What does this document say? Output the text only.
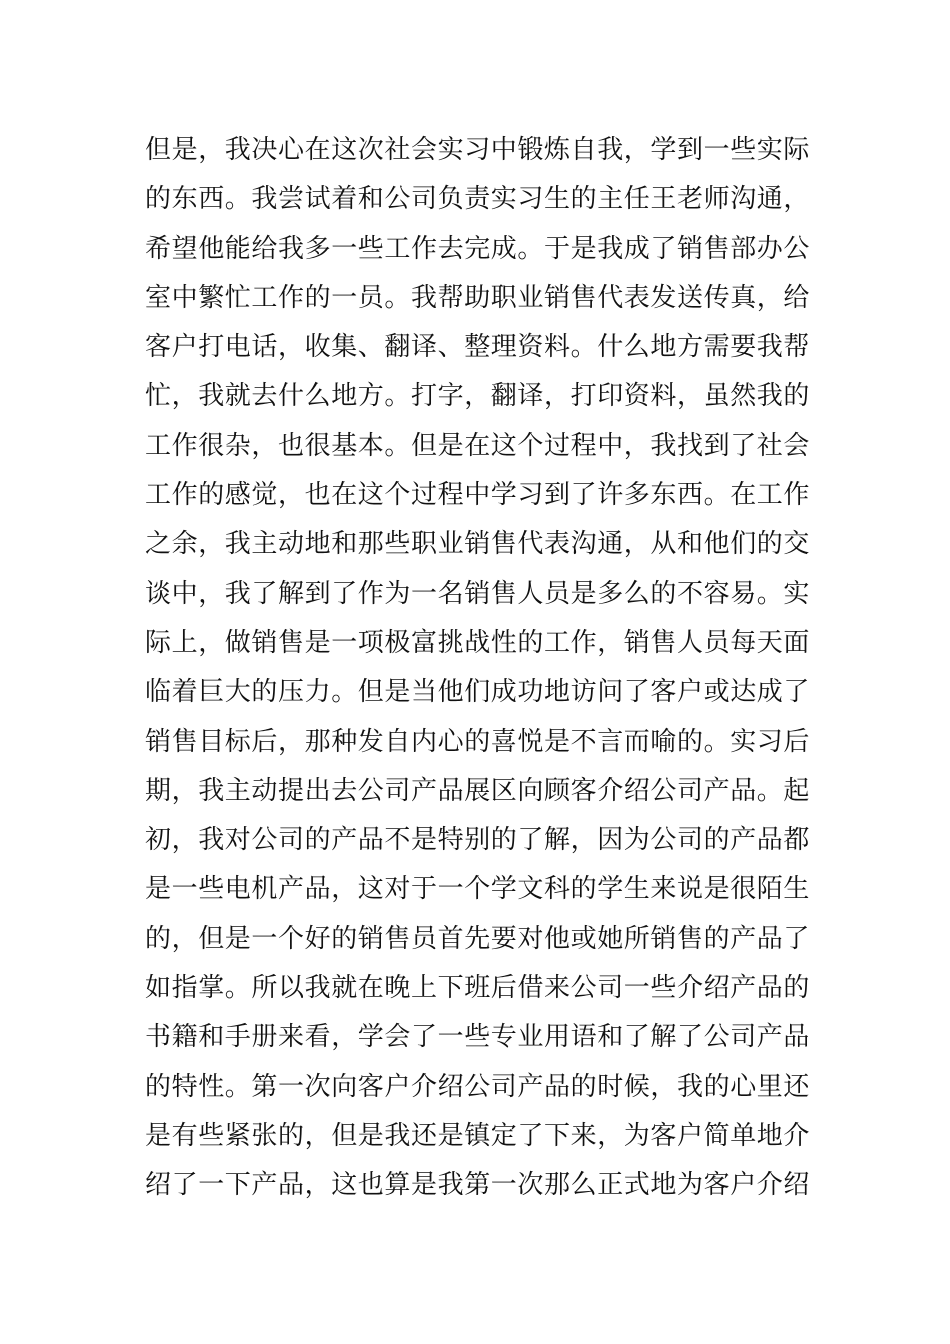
但是，我决心在这次社会实习中锻炼自我，学到一些实际
的东西。我尝试着和公司负责实习生的主任王老师沟通，
希望他能给我多一些工作去完成。于是我成了销售部办公
室中繁忙工作的一员。我帮助职业销售代表发送传真，给
客户打电话，收集、翻译、整理资料。什么地方需要我帮
忙，我就去什么地方。打字，翻译，打印资料，虽然我的
工作很杂，也很基本。但是在这个过程中，我找到了社会
工作的感觉，也在这个过程中学习到了许多东西。在工作
之余，我主动地和那些职业销售代表沟通，从和他们的交
谈中，我了解到了作为一名销售人员是多么的不容易。实
际上，做销售是一项极富挑战性的工作，销售人员每天面
临着巨大的压力。但是当他们成功地访问了客户或达成了
销售目标后，那种发自内心的喜悦是不言而喻的。实习后
期，我主动提出去公司产品展区向顾客介绍公司产品。起
初，我对公司的产品不是特别的了解，因为公司的产品都
是一些电机产品，这对于一个学文科的学生来说是很陌生
的，但是一个好的销售员首先要对他或她所销售的产品了
如指掌。所以我就在晚上下班后借来公司一些介绍产品的
书籍和手册来看，学会了一些专业用语和了解了公司产品
的特性。第一次向客户介绍公司产品的时候，我的心里还
是有些紧张的，但是我还是镇定了下来，为客户简单地介
绍了一下产品，这也算是我第一次那么正式地为客户介绍
